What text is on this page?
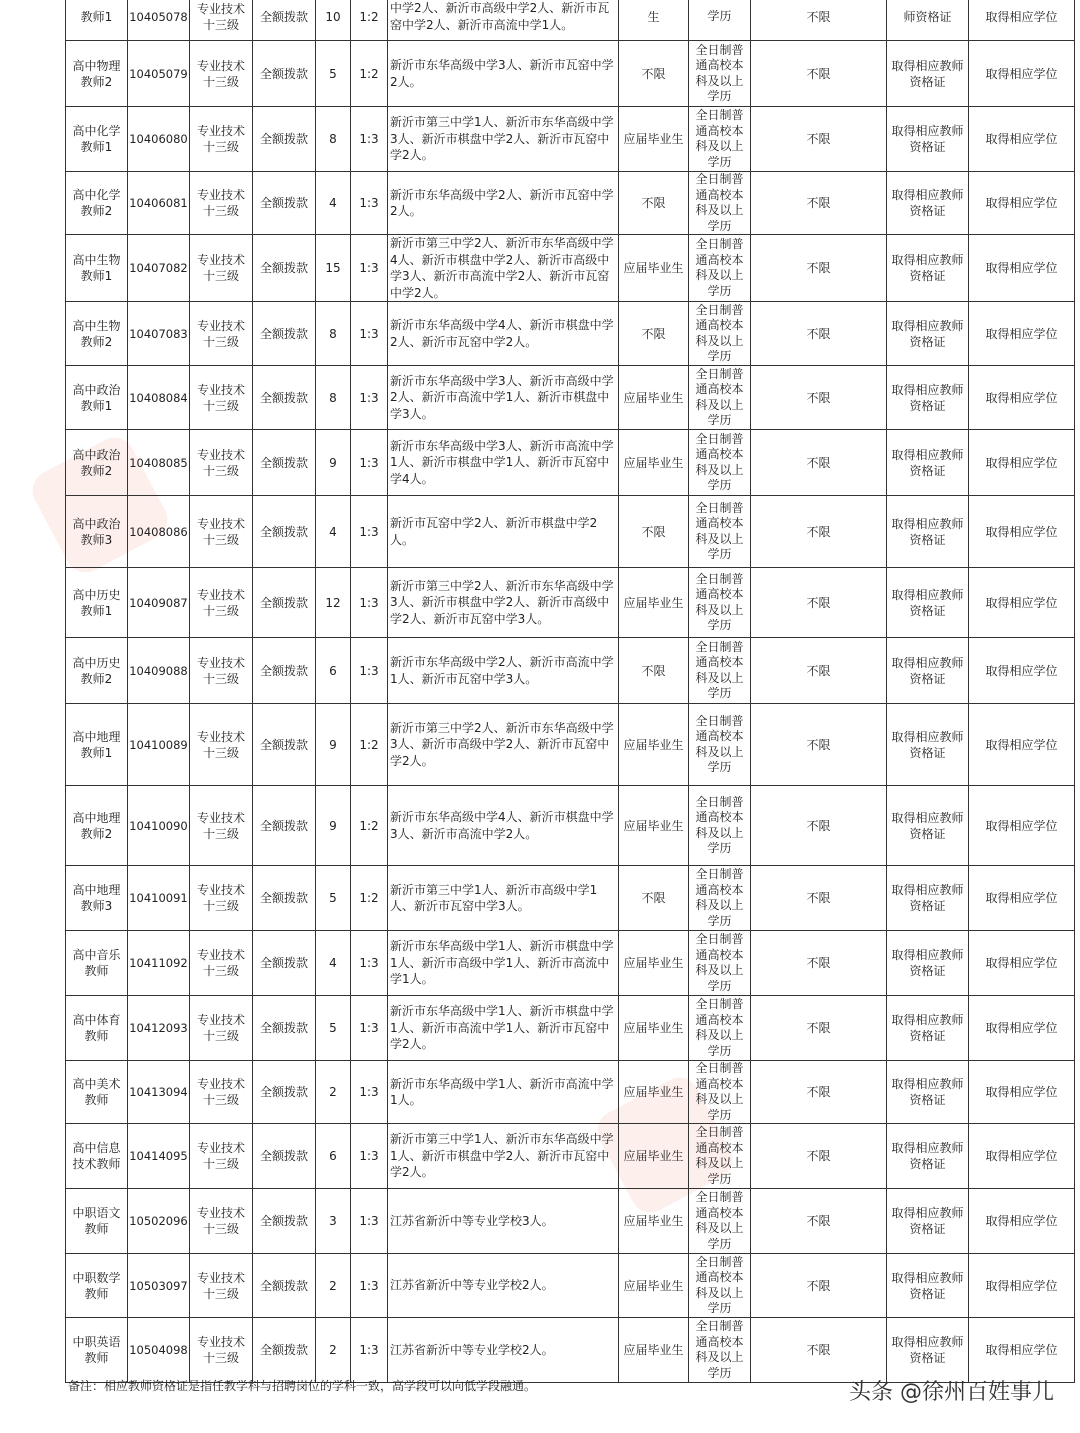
教师1	10405078	专业技术十三级	全额拨款	10	1:2	中学2人、新沂市高级中学2人、新沂市瓦窑中学2人、新沂市高流中学1人。	生	学历	不限	师资格证	取得相应学位
高中物理教师2	10405079	专业技术十三级	全额拨款	5	1:2	新沂市东华高级中学3人、新沂市瓦窑中学2人。	不限	全日制普通高校本科及以上学历	不限	取得相应教师资格证	取得相应学位
高中化学教师1	10406080	专业技术十三级	全额拨款	8	1:3	新沂市第三中学1人、新沂市东华高级中学3人、新沂市棋盘中学2人、新沂市瓦窑中学2人。	应届毕业生	全日制普通高校本科及以上学历	不限	取得相应教师资格证	取得相应学位
高中化学教师2	10406081	专业技术十三级	全额拨款	4	1:3	新沂市东华高级中学2人、新沂市瓦窑中学2人。	不限	全日制普通高校本科及以上学历	不限	取得相应教师资格证	取得相应学位
高中生物教师1	10407082	专业技术十三级	全额拨款	15	1:3	新沂市第三中学2人、新沂市东华高级中学4人、新沂市棋盘中学2人、新沂市高级中学3人、新沂市高流中学2人、新沂市瓦窑中学2人。	应届毕业生	全日制普通高校本科及以上学历	不限	取得相应教师资格证	取得相应学位
高中生物教师2	10407083	专业技术十三级	全额拨款	8	1:3	新沂市东华高级中学4人、新沂市棋盘中学2人、新沂市瓦窑中学2人。	不限	全日制普通高校本科及以上学历	不限	取得相应教师资格证	取得相应学位
高中政治教师1	10408084	专业技术十三级	全额拨款	8	1:3	新沂市东华高级中学3人、新沂市高级中学2人、新沂市高流中学1人、新沂市棋盘中学3人。	应届毕业生	全日制普通高校本科及以上学历	不限	取得相应教师资格证	取得相应学位
高中政治教师2	10408085	专业技术十三级	全额拨款	9	1:3	新沂市东华高级中学3人、新沂市高流中学1人、新沂市棋盘中学1人、新沂市瓦窑中学4人。	应届毕业生	全日制普通高校本科及以上学历	不限	取得相应教师资格证	取得相应学位
高中政治教师3	10408086	专业技术十三级	全额拨款	4	1:3	新沂市瓦窑中学2人、新沂市棋盘中学2人。	不限	全日制普通高校本科及以上学历	不限	取得相应教师资格证	取得相应学位
高中历史教师1	10409087	专业技术十三级	全额拨款	12	1:3	新沂市第三中学2人、新沂市东华高级中学3人、新沂市棋盘中学2人、新沂市高级中学2人、新沂市瓦窑中学3人。	应届毕业生	全日制普通高校本科及以上学历	不限	取得相应教师资格证	取得相应学位
高中历史教师2	10409088	专业技术十三级	全额拨款	6	1:3	新沂市东华高级中学2人、新沂市高流中学1人、新沂市瓦窑中学3人。	不限	全日制普通高校本科及以上学历	不限	取得相应教师资格证	取得相应学位
高中地理教师1	10410089	专业技术十三级	全额拨款	9	1:2	新沂市第三中学2人、新沂市东华高级中学3人、新沂市高级中学2人、新沂市瓦窑中学2人。	应届毕业生	全日制普通高校本科及以上学历	不限	取得相应教师资格证	取得相应学位
高中地理教师2	10410090	专业技术十三级	全额拨款	9	1:2	新沂市东华高级中学4人、新沂市棋盘中学3人、新沂市高流中学2人。	应届毕业生	全日制普通高校本科及以上学历	不限	取得相应教师资格证	取得相应学位
高中地理教师3	10410091	专业技术十三级	全额拨款	5	1:2	新沂市第三中学1人、新沂市高级中学1人、新沂市瓦窑中学3人。	不限	全日制普通高校本科及以上学历	不限	取得相应教师资格证	取得相应学位
高中音乐教师	10411092	专业技术十三级	全额拨款	4	1:3	新沂市东华高级中学1人、新沂市棋盘中学1人、新沂市高级中学1人、新沂市高流中学1人。	应届毕业生	全日制普通高校本科及以上学历	不限	取得相应教师资格证	取得相应学位
高中体育教师	10412093	专业技术十三级	全额拨款	5	1:3	新沂市东华高级中学1人、新沂市棋盘中学1人、新沂市高流中学1人、新沂市瓦窑中学2人。	应届毕业生	全日制普通高校本科及以上学历	不限	取得相应教师资格证	取得相应学位
高中美术教师	10413094	专业技术十三级	全额拨款	2	1:3	新沂市东华高级中学1人、新沂市高流中学1人。	应届毕业生	全日制普通高校本科及以上学历	不限	取得相应教师资格证	取得相应学位
高中信息技术教师	10414095	专业技术十三级	全额拨款	6	1:3	新沂市第三中学1人、新沂市东华高级中学1人、新沂市棋盘中学2人、新沂市瓦窑中学2人。	应届毕业生	全日制普通高校本科及以上学历	不限	取得相应教师资格证	取得相应学位
中职语文教师	10502096	专业技术十三级	全额拨款	3	1:3	江苏省新沂中等专业学校3人。	应届毕业生	全日制普通高校本科及以上学历	不限	取得相应教师资格证	取得相应学位
中职数学教师	10503097	专业技术十三级	全额拨款	2	1:3	江苏省新沂中等专业学校2人。	应届毕业生	全日制普通高校本科及以上学历	不限	取得相应教师资格证	取得相应学位
中职英语教师	10504098	专业技术十三级	全额拨款	2	1:3	江苏省新沂中等专业学校2人。	应届毕业生	全日制普通高校本科及以上学历	不限	取得相应教师资格证	取得相应学位
备注：相应教师资格证是指任教学科与招聘岗位的学科一致，高学段可以向低学段融通。	头条 @徐州百姓事儿
